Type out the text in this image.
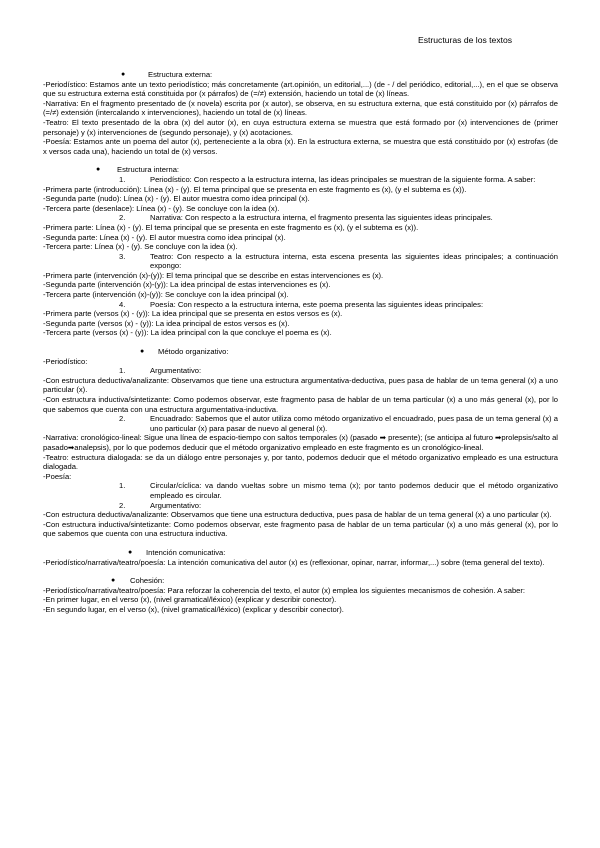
Estructuras de los textos
●	Estructura externa:

-Periodístico: Estamos ante un texto periodístico; más concretamente (art.opinión, un editorial,...) (de - / del periódico, editorial,...), en el que se observa que su estructura externa está constituida por (x párrafos) de (=/≠) extensión, haciendo un total de (x) líneas.

-Narrativa: En el fragmento presentado de (x novela) escrita por (x autor), se observa, en su estructura externa, que está constituido por (x) párrafos de (=/≠) extensión (intercalando x intervenciones), haciendo un total de (x) líneas.

-Teatro: El texto presentado de la obra (x) del autor (x), en cuya estructura externa se muestra que está formado por (x) intervenciones de (primer personaje) y (x) intervenciones de (segundo personaje), y (x) acotaciones.

-Poesía: Estamos ante un poema del autor (x), perteneciente a la obra (x). En la estructura externa, se muestra que está constituido por (x) estrofas (de x versos cada una), haciendo un total de (x) versos.

● Estructura interna:

1.	Periodístico: Con respecto a la estructura interna, las ideas principales se muestran de la siguiente forma. A saber:

-Primera parte (introducción): Línea (x) - (y). El tema principal que se presenta en este fragmento es (x), (y el subtema es (x)).

-Segunda parte (nudo): Línea (x) - (y). El autor muestra como idea principal (x).

-Tercera parte (desenlace): Línea (x) - (y). Se concluye con la idea (x).

2.	Narrativa: Con respecto a la estructura interna, el fragmento presenta las siguientes ideas principales.

-Primera parte: Línea (x) - (y). El tema principal que se presenta en este fragmento es (x), (y el subtema es (x)).

-Segunda parte: Línea (x) - (y). El autor muestra como idea principal (x).

-Tercera parte: Línea (x) - (y). Se concluye con la idea (x).

3.	Teatro: Con respecto a la estructura interna, esta escena presenta las siguientes ideas principales; a continuación expongo:

-Primera parte (intervención (x)-(y)): El tema principal que se describe en estas intervenciones es (x).

-Segunda parte (intervención (x)-(y)): La idea principal de estas intervenciones es (x).

-Tercera parte (intervención (x)-(y)): Se concluye con la idea principal (x).

4.	Poesía: Con respecto a la estructura interna, este poema presenta las siguientes ideas principales:

-Primera parte (versos (x) - (y)): La idea principal que se presenta en estos versos es (x).

-Segunda parte (versos (x) - (y)): La idea principal de estos versos es (x).

-Tercera parte (versos (x) - (y)): La idea principal con la que concluye el poema es (x).

● Método organizativo:

-Periodístico:

1.	Argumentativo:

-Con estructura deductiva/analizante: Observamos que tiene una estructura argumentativa-deductiva, pues pasa de hablar de un tema general (x) a uno particular (x).

-Con estructura inductiva/sintetizante: Como podemos observar, este fragmento pasa de hablar de un tema particular (x) a uno más general (x), por lo que sabemos que cuenta con una estructura argumentativa-inductiva.

2.	Encuadrado: Sabemos que el autor utiliza como método organizativo el encuadrado, pues pasa de un tema general (x) a uno particular (x) para pasar de nuevo al general (x).

-Narrativa: cronológico-lineal: Sigue una línea de espacio-tiempo con saltos temporales (x) (pasado ➡ presente); (se anticipa al futuro ➡prolepsis/salto al pasado➡analepsis), por lo que podemos deducir que el método organizativo empleado en este fragmento es un cronológico-lineal.

-Teatro: estructura dialogada: se da un diálogo entre personajes y, por tanto, podemos deducir que el método organizativo empleado es una estructura dialogada.

-Poesía:

1.	Circular/cíclica: va dando vueltas sobre un mismo tema (x); por tanto podemos deducir que el método organizativo empleado es circular.

2.	Argumentativo:

-Con estructura deductiva/analizante: Observamos que tiene una estructura deductiva, pues pasa de hablar de un tema general (x) a uno particular (x).

-Con estructura inductiva/sintetizante: Como podemos observar, este fragmento pasa de hablar de un tema particular (x) a uno más general (x), por lo que sabemos que cuenta con una estructura inductiva.

● Intención comunicativa:

-Periodístico/narrativa/teatro/poesía: La intención comunicativa del autor (x) es (reflexionar, opinar, narrar, informar,...) sobre (tema general del texto).

● Cohesión:

-Periodístico/narrativa/teatro/poesía: Para reforzar la coherencia del texto, el autor (x) emplea los siguientes mecanismos de cohesión. A saber:

-En primer lugar, en el verso (x), (nivel gramatical/léxico) (explicar y describir conector).

-En segundo lugar, en el verso (x), (nivel gramatical/léxico) (explicar y describir conector).
